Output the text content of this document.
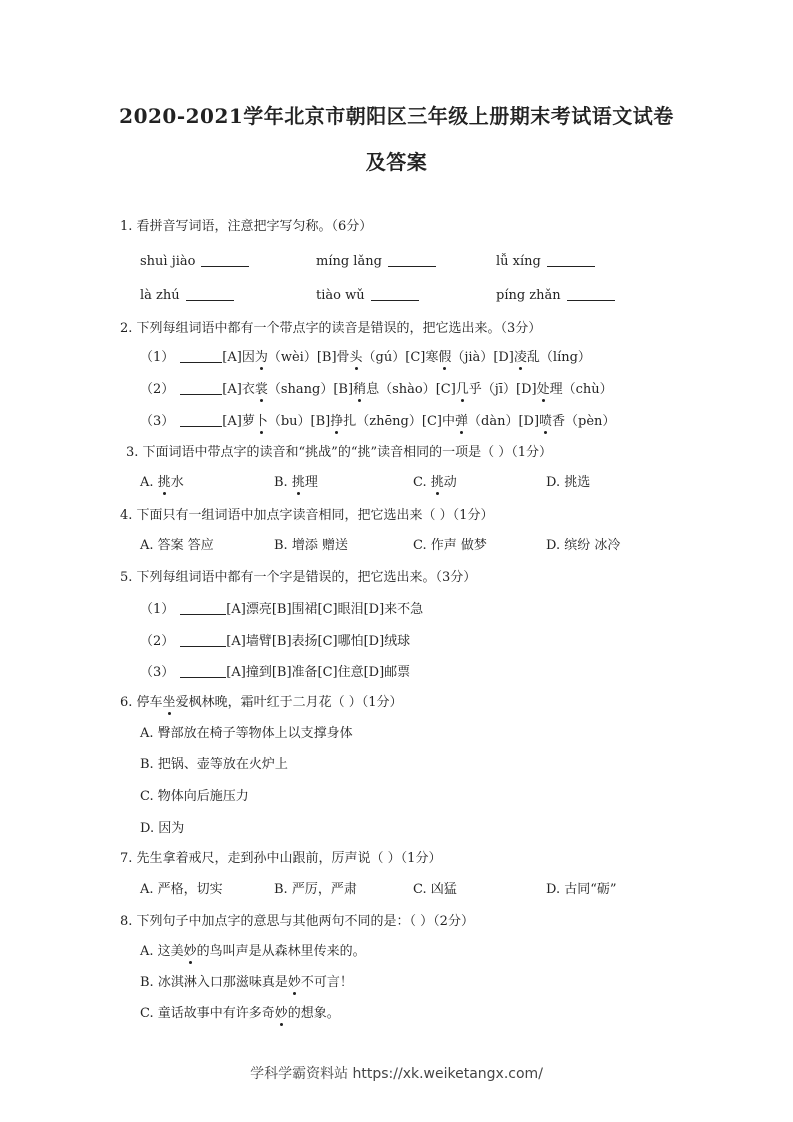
2020-2021学年北京市朝阳区三年级上册期末考试语文试卷
及答案
1. 看拼音写词语，注意把字写匀称。（6分）
shuì jiào	míng lǎng	lǚ xíng
là zhú	tiào wǔ	píng zhǎn
2. 下列每组词语中都有一个带点字的读音是错误的，把它选出来。（3分）
（1）	[A]因为（wèi）[B]骨头（gú）[C]寒假（jià）[D]凌乱（líng）
（2）	[A]衣裳（shang）[B]稍息（shào）[C]几乎（jī）[D]处理（chù）
（3）	[A]萝卜（bu）[B]挣扎（zhēng）[C]中弹（dàn）[D]喷香（pèn）
3. 下面词语中带点字的读音和“挑战”的“挑”读音相同的一项是（ ）（1分）
A. 挑水	B. 挑理	C. 挑动	D. 挑选
4. 下面只有一组词语中加点字读音相同，把它选出来（ ）（1分）
A. 答案 答应	B. 增添 赠送	C. 作声 做梦	D. 缤纷 冰冷
5. 下列每组词语中都有一个字是错误的，把它选出来。（3分）
（1）	[A]漂亮[B]围裙[C]眼泪[D]来不急
（2）	[A]墙臂[B]表扬[C]哪怕[D]绒球
（3）	[A]撞到[B]准备[C]住意[D]邮票
6. 停车坐爱枫林晚，霜叶红于二月花（ ）（1分）
A. 臀部放在椅子等物体上以支撑身体
B. 把锅、壶等放在火炉上
C. 物体向后施压力
D. 因为
7. 先生拿着戒尺，走到孙中山跟前，厉声说（ ）（1分）
A. 严格，切实	B. 严厉，严肃	C. 凶猛	D. 古同“砺”
8. 下列句子中加点字的意思与其他两句不同的是：（ ）（2分）
A. 这美妙的鸟叫声是从森林里传来的。
B. 冰淇淋入口那滋味真是妙不可言！
C. 童话故事中有许多奇妙的想象。
学科学霸资料站 https://xk.weiketangx.com/
